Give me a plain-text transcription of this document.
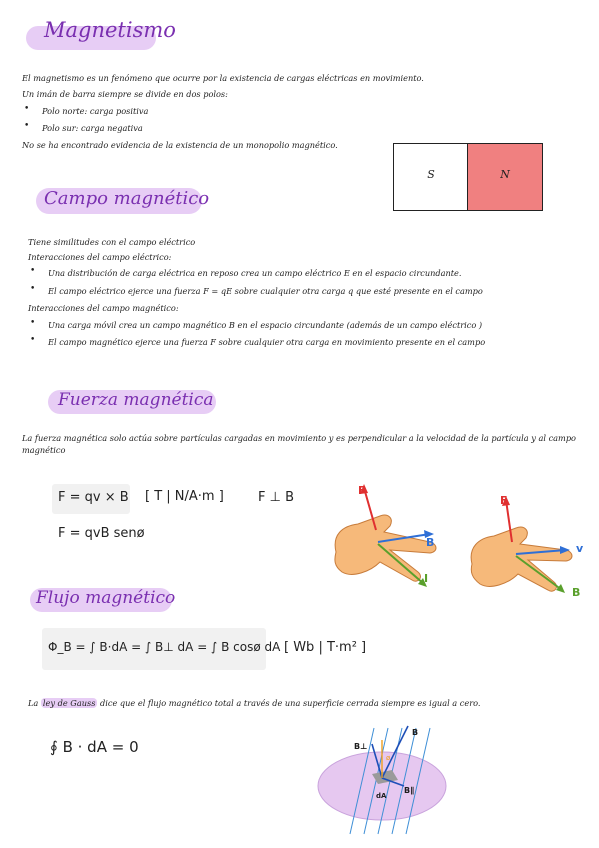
Magnetismo
El magnetismo es un fenómeno que ocurre por la existencia de cargas eléctricas en movimiento.
Un imán de barra siempre se divide en dos polos:
• Polo norte: carga positiva
• Polo sur: carga negativa
No se ha encontrado evidencia de la existencia de un monopolio magnético.
S	N
Campo magnético
Tiene similitudes con el campo eléctrico
Interacciones del campo eléctrico:
• Una distribución de carga eléctrica en reposo crea un campo eléctrico E en el espacio circundante.
• El campo eléctrico ejerce una fuerza F = qE sobre cualquier otra carga q que esté presente en el campo
Interacciones del campo magnético:
• Una carga móvil crea un campo magnético B en el espacio circundante (además de un campo eléctrico )
• El campo magnético ejerce una fuerza F sobre cualquier otra carga en movimiento presente en el campo
Fuerza magnética
La fuerza magnética solo actúa sobre partículas cargadas en movimiento y es perpendicular a la velocidad de la partícula y al campo magnético
F = qv × B [ T | N/A·m ]	F ⊥ B
F = qvB senø
F
B
I
F
v
B
Flujo magnético
Φ_B = ∫ B·dA = ∫ B⊥ dA = ∫ B cosø dA [ Wb | T·m² ]
La ley de Gauss dice que el flujo magnético total a través de una superficie cerrada siempre es igual a cero.
∮ B · dA = 0	B⊥
B
B∥
dA
ø
